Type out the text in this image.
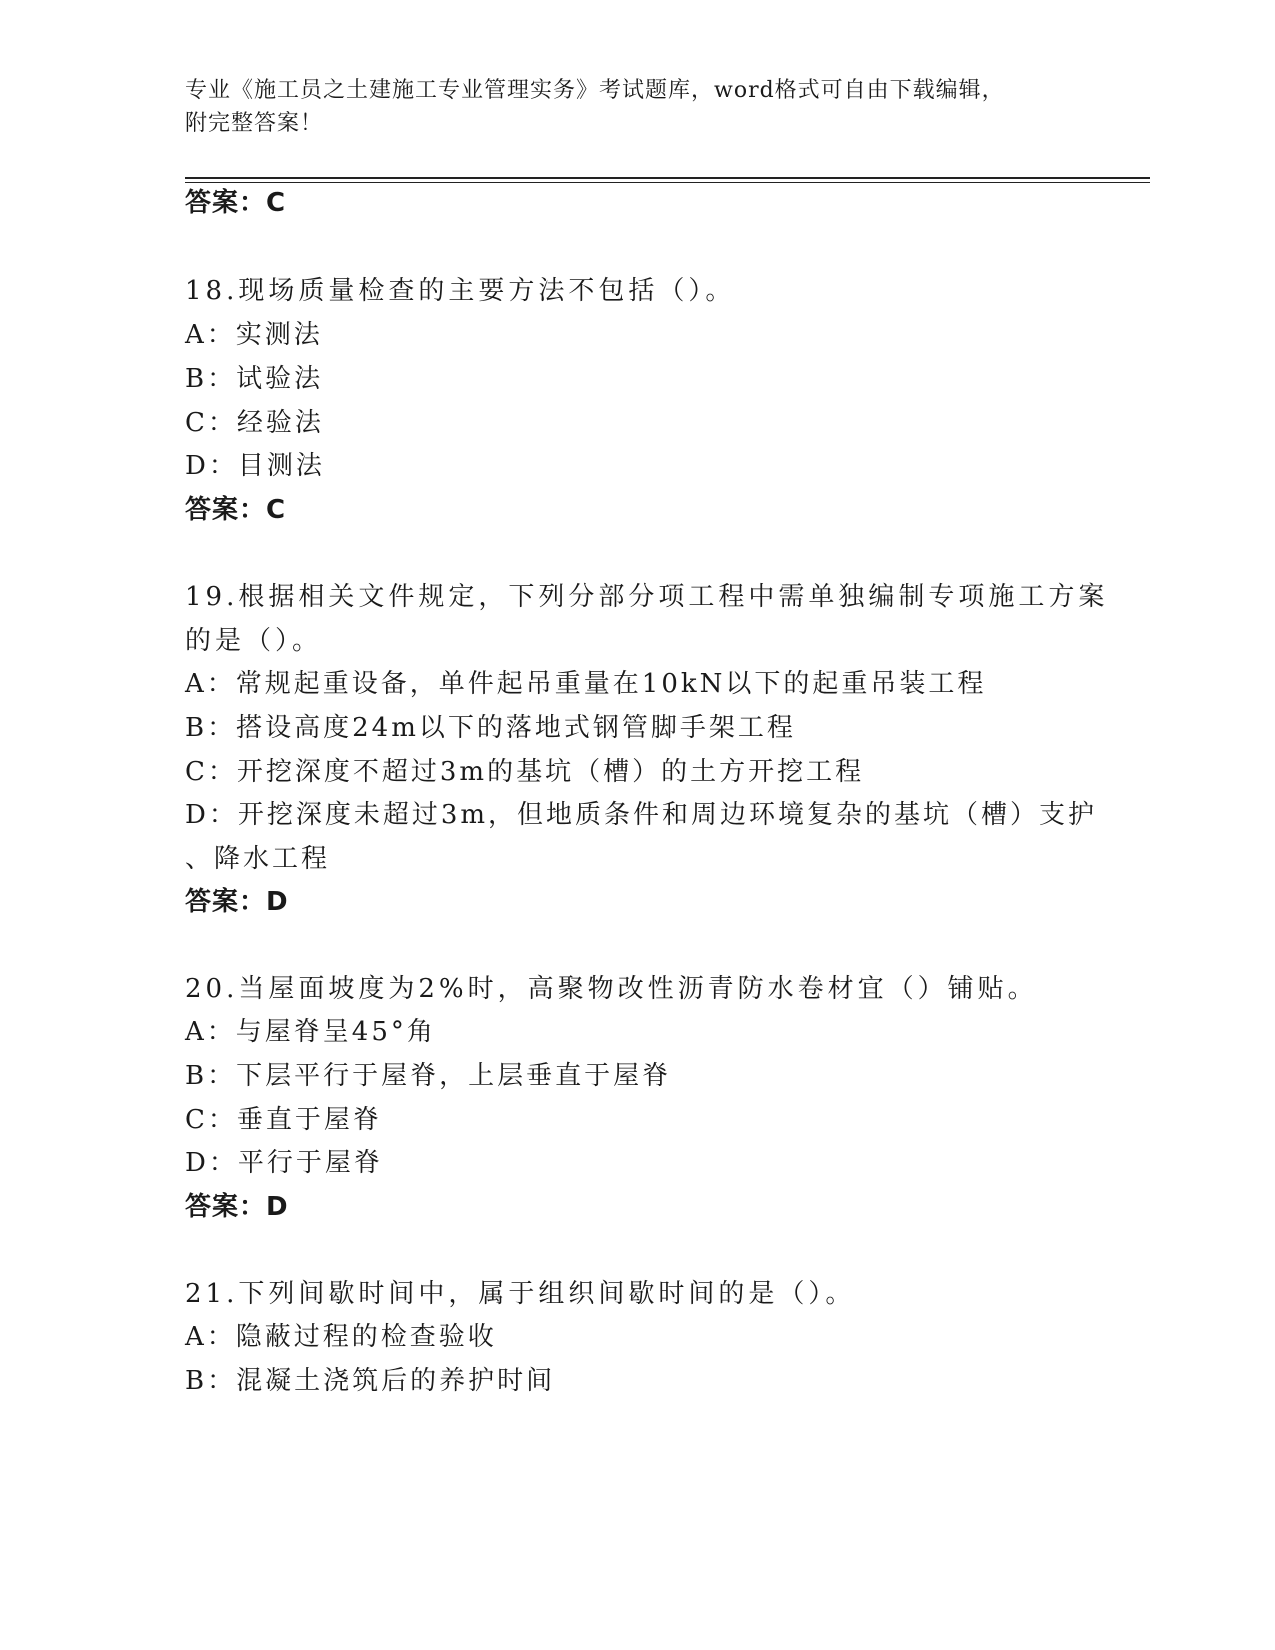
专业《施工员之土建施工专业管理实务》考试题库，word格式可自由下载编辑，
附完整答案！
答案：C
18.现场质量检查的主要方法不包括（）。
A：实测法
B：试验法
C：经验法
D：目测法
答案：C
19.根据相关文件规定，下列分部分项工程中需单独编制专项施工方案
的是（）。
A：常规起重设备，单件起吊重量在10kN以下的起重吊装工程
B：搭设高度24m以下的落地式钢管脚手架工程
C：开挖深度不超过3m的基坑（槽）的土方开挖工程
D：开挖深度未超过3m，但地质条件和周边环境复杂的基坑（槽）支护
、降水工程
答案：D
20.当屋面坡度为2%时，高聚物改性沥青防水卷材宜（）铺贴。
A：与屋脊呈45°角
B：下层平行于屋脊，上层垂直于屋脊
C：垂直于屋脊
D：平行于屋脊
答案：D
21.下列间歇时间中，属于组织间歇时间的是（）。
A：隐蔽过程的检查验收
B：混凝土浇筑后的养护时间
